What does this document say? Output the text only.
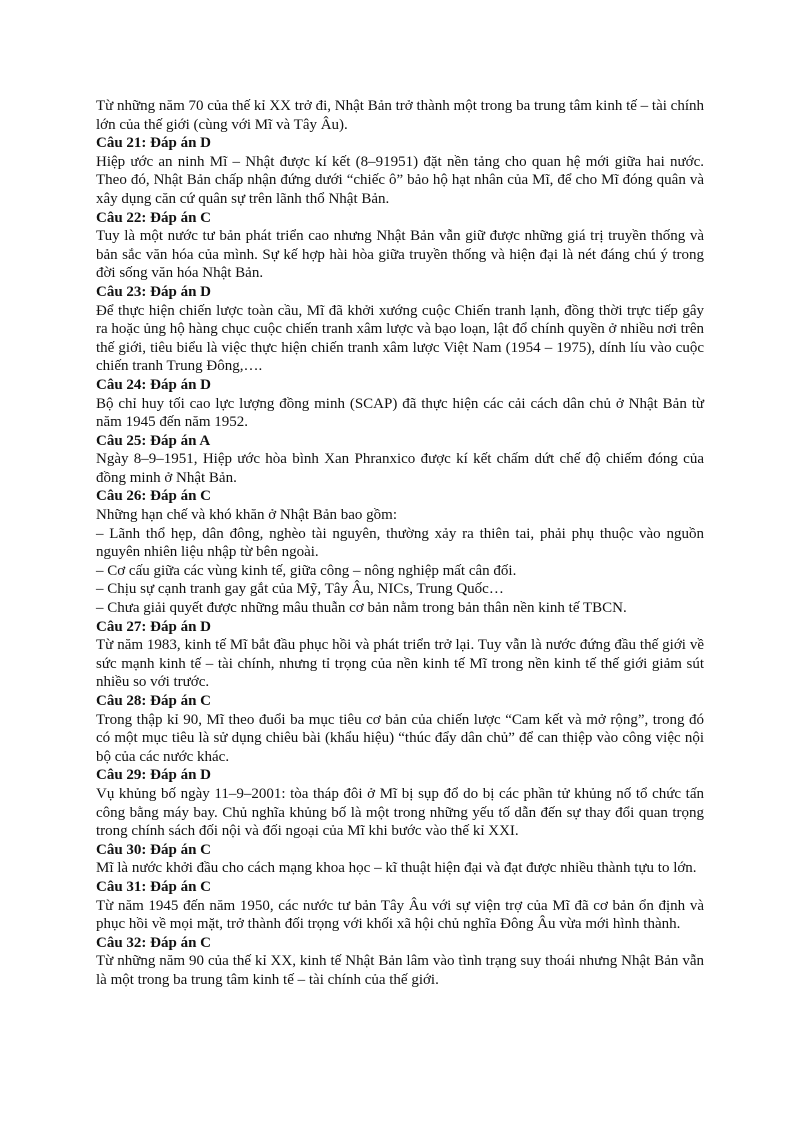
Từ những năm 70 của thế kỉ XX trở đi, Nhật Bản trở thành một trong ba trung tâm kinh tế – tài chính lớn của thế giới (cùng với Mĩ và Tây Âu).

Câu 21: Đáp án D

Hiệp ước an ninh Mĩ – Nhật được kí kết (8–91951) đặt nền tảng cho quan hệ mới giữa hai nước. Theo đó, Nhật Bản chấp nhận đứng dưới “chiếc ô” bảo hộ hạt nhân của Mĩ, để cho Mĩ đóng quân và xây dụng căn cứ quân sự trên lãnh thổ Nhật Bản.

Câu 22: Đáp án C

Tuy là một nước tư bản phát triển cao nhưng Nhật Bản vẫn giữ được những giá trị truyền thống và bản sắc văn hóa của mình. Sự kế hợp hài hòa giữa truyền thống và hiện đại là nét đáng chú ý trong đời sống văn hóa Nhật Bản.

Câu 23: Đáp án D

Để thực hiện chiến lược toàn cầu, Mĩ đã khởi xướng cuộc Chiến tranh lạnh, đồng thời trực tiếp gây ra hoặc ủng hộ hàng chục cuộc chiến tranh xâm lược và bạo loạn, lật đổ chính quyền ở nhiều nơi trên thế giới, tiêu biểu là việc thực hiện chiến tranh xâm lược Việt Nam (1954 – 1975), dính líu vào cuộc chiến tranh Trung Đông,….

Câu 24: Đáp án D

Bộ chỉ huy tối cao lực lượng đồng minh (SCAP) đã thực hiện các cải cách dân chủ ở Nhật Bản từ năm 1945 đến năm 1952.

Câu 25: Đáp án A

Ngày 8–9–1951, Hiệp ước hòa bình Xan Phranxico được kí kết chấm dứt chế độ chiếm đóng của đồng minh ở Nhật Bản.

Câu 26: Đáp án C

Những hạn chế và khó khăn ở Nhật Bản bao gồm:

– Lãnh thổ hẹp, dân đông, nghèo tài nguyên, thường xảy ra thiên tai, phải phụ thuộc vào nguồn nguyên nhiên liệu nhập từ bên ngoài.

– Cơ cấu giữa các vùng kinh tế, giữa công – nông nghiệp mất cân đối.

– Chịu sự cạnh tranh gay gắt của Mỹ, Tây Âu, NICs, Trung Quốc…

– Chưa giải quyết được những mâu thuẫn cơ bản nằm trong bản thân nền kinh tế TBCN.

Câu 27: Đáp án D

Từ năm 1983, kinh tế Mĩ bắt đầu phục hồi và phát triển trở lại. Tuy vẫn là nước đứng đầu thế giới về sức mạnh kinh tế – tài chính, nhưng tỉ trọng của nền kinh tế Mĩ trong nền kinh tế thế giới giảm sút nhiều so với trước.

Câu 28: Đáp án C

Trong thập kỉ 90, Mĩ theo đuổi ba mục tiêu cơ bản của chiến lược “Cam kết và mở rộng”, trong đó có một mục tiêu là sử dụng chiêu bài (khẩu hiệu) “thúc đẩy dân chủ” để can thiệp vào công việc nội bộ của các nước khác.

Câu 29: Đáp án D

Vụ khủng bố ngày 11–9–2001: tòa tháp đôi ở Mĩ bị sụp đổ do bị các phần tử khủng nố tổ chức tấn công bằng máy bay. Chủ nghĩa khủng bố là một trong những yếu tố dẫn đến sự thay đổi quan trọng trong chính sách đối nội và đối ngoại của Mĩ khi bước vào thế kỉ XXI.

Câu 30: Đáp án C

Mĩ là nước khởi đầu cho cách mạng khoa học – kĩ thuật hiện đại và đạt được nhiều thành tựu to lớn.

Câu 31: Đáp án C

Từ năm 1945 đến năm 1950, các nước tư bản Tây Âu với sự viện trợ của Mĩ đã cơ bản ổn định và phục hồi về mọi mặt, trở thành đối trọng với khối xã hội chủ nghĩa Đông Âu vừa mới hình thành.

Câu 32: Đáp án C

Từ những năm 90 của thế kỉ XX, kinh tế Nhật Bản lâm vào tình trạng suy thoái nhưng Nhật Bản vẫn là một trong ba trung tâm kinh tế – tài chính của thế giới.
